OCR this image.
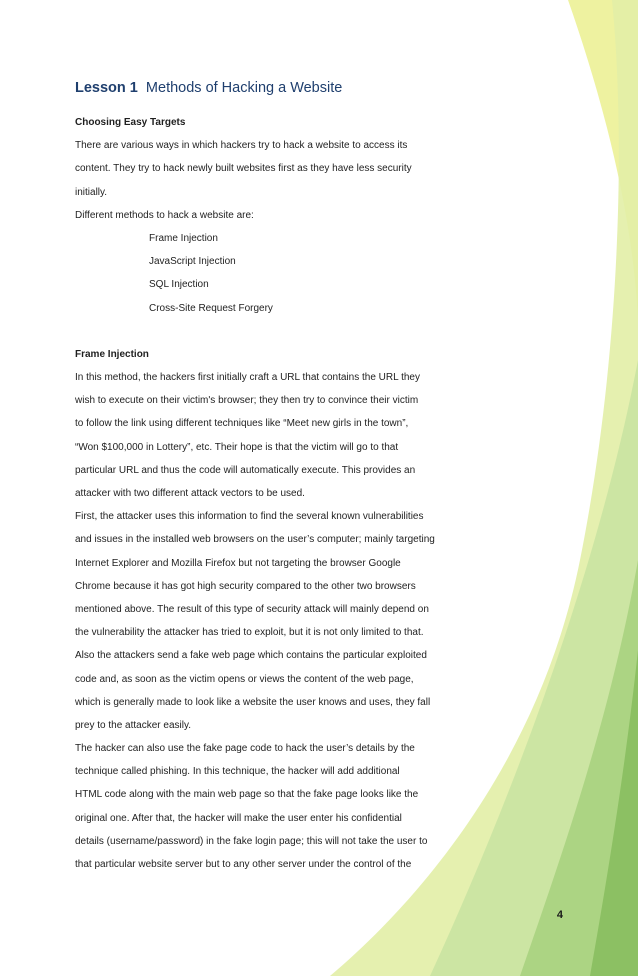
Lesson 1 Methods of Hacking a Website
Choosing Easy Targets
There are various ways in which hackers try to hack a website to access its
content. They try to hack newly built websites first as they have less security
initially.
Different methods to hack a website are:
Frame Injection
JavaScript Injection
SQL Injection
Cross-Site Request Forgery
Frame Injection
In this method, the hackers first initially craft a URL that contains the URL they
wish to execute on their victim's browser; they then try to convince their victim
to follow the link using different techniques like “Meet new girls in the town”,
“Won $100,000 in Lottery”, etc. Their hope is that the victim will go to that
particular URL and thus the code will automatically execute. This provides an
attacker with two different attack vectors to be used.
First, the attacker uses this information to find the several known vulnerabilities
and issues in the installed web browsers on the user’s computer; mainly targeting
Internet Explorer and Mozilla Firefox but not targeting the browser Google
Chrome because it has got high security compared to the other two browsers
mentioned above. The result of this type of security attack will mainly depend on
the vulnerability the attacker has tried to exploit, but it is not only limited to that.
Also the attackers send a fake web page which contains the particular exploited
code and, as soon as the victim opens or views the content of the web page,
which is generally made to look like a website the user knows and uses, they fall
prey to the attacker easily.
The hacker can also use the fake page code to hack the user’s details by the
technique called phishing. In this technique, the hacker will add additional
HTML code along with the main web page so that the fake page looks like the
original one. After that, the hacker will make the user enter his confidential
details (username/password) in the fake login page; this will not take the user to
that particular website server but to any other server under the control of the
4
